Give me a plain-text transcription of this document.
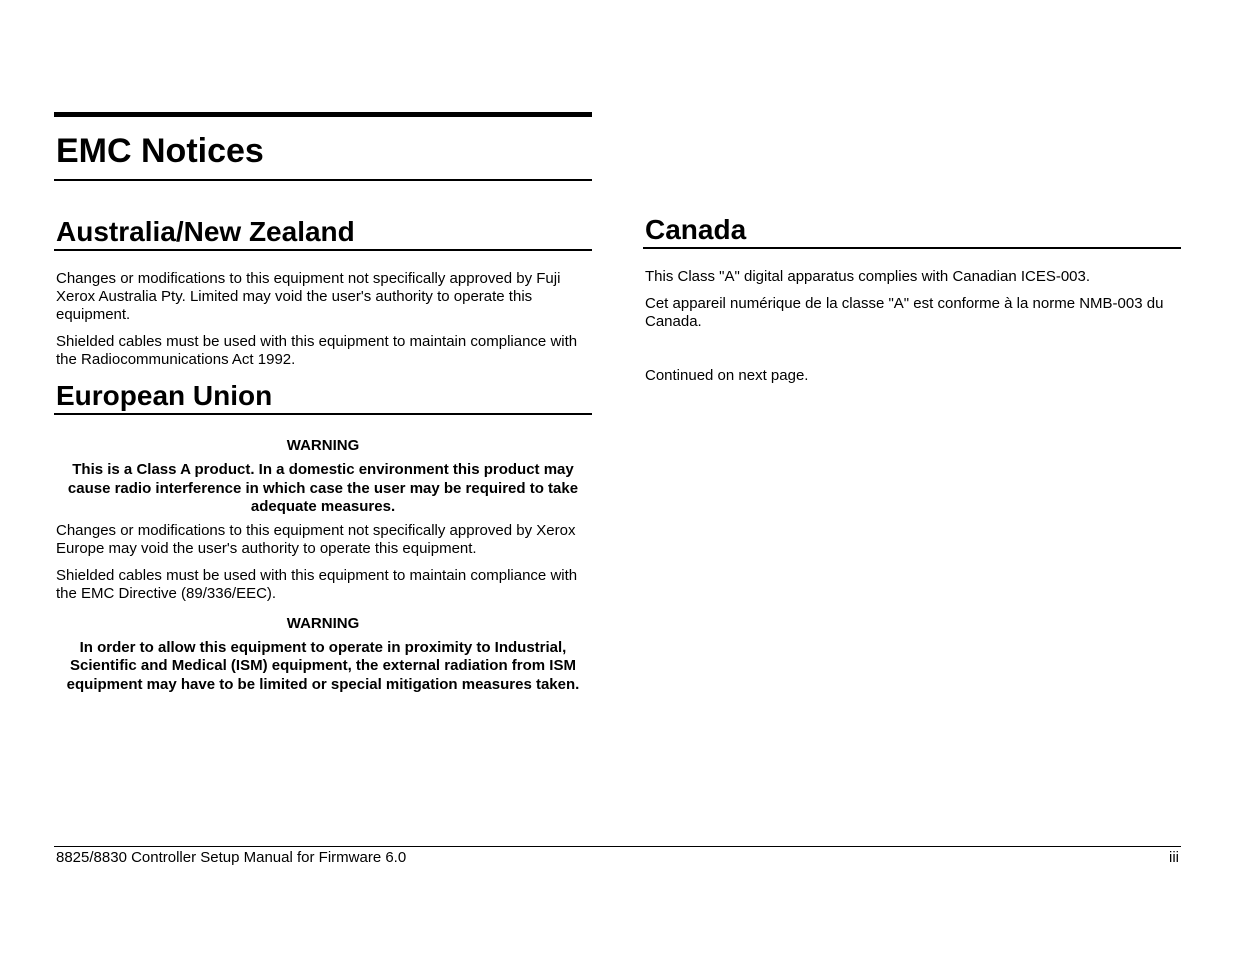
EMC Notices
Australia/New Zealand

Changes or modifications to this equipment not specifically approved by Fuji Xerox Australia Pty. Limited may void the user's authority to operate this equipment.

Shielded cables must be used with this equipment to maintain compliance with the Radiocommunications Act 1992.

European Union

WARNING

This is a Class A product. In a domestic environment this product may cause radio interference in which case the user may be required to take adequate measures.

Changes or modifications to this equipment not specifically approved by Xerox Europe may void the user's authority to operate this equipment.

Shielded cables must be used with this equipment to maintain compliance with the EMC Directive (89/336/EEC).

WARNING

In order to allow this equipment to operate in proximity to Industrial, Scientific and Medical (ISM) equipment, the external radiation from ISM equipment may have to be limited or special mitigation measures taken.

Canada

This Class "A" digital apparatus complies with Canadian ICES-003.

Cet appareil numérique de la classe "A" est conforme à la norme NMB-003 du Canada.

Continued on next page.

8825/8830 Controller Setup Manual for Firmware 6.0	iii
